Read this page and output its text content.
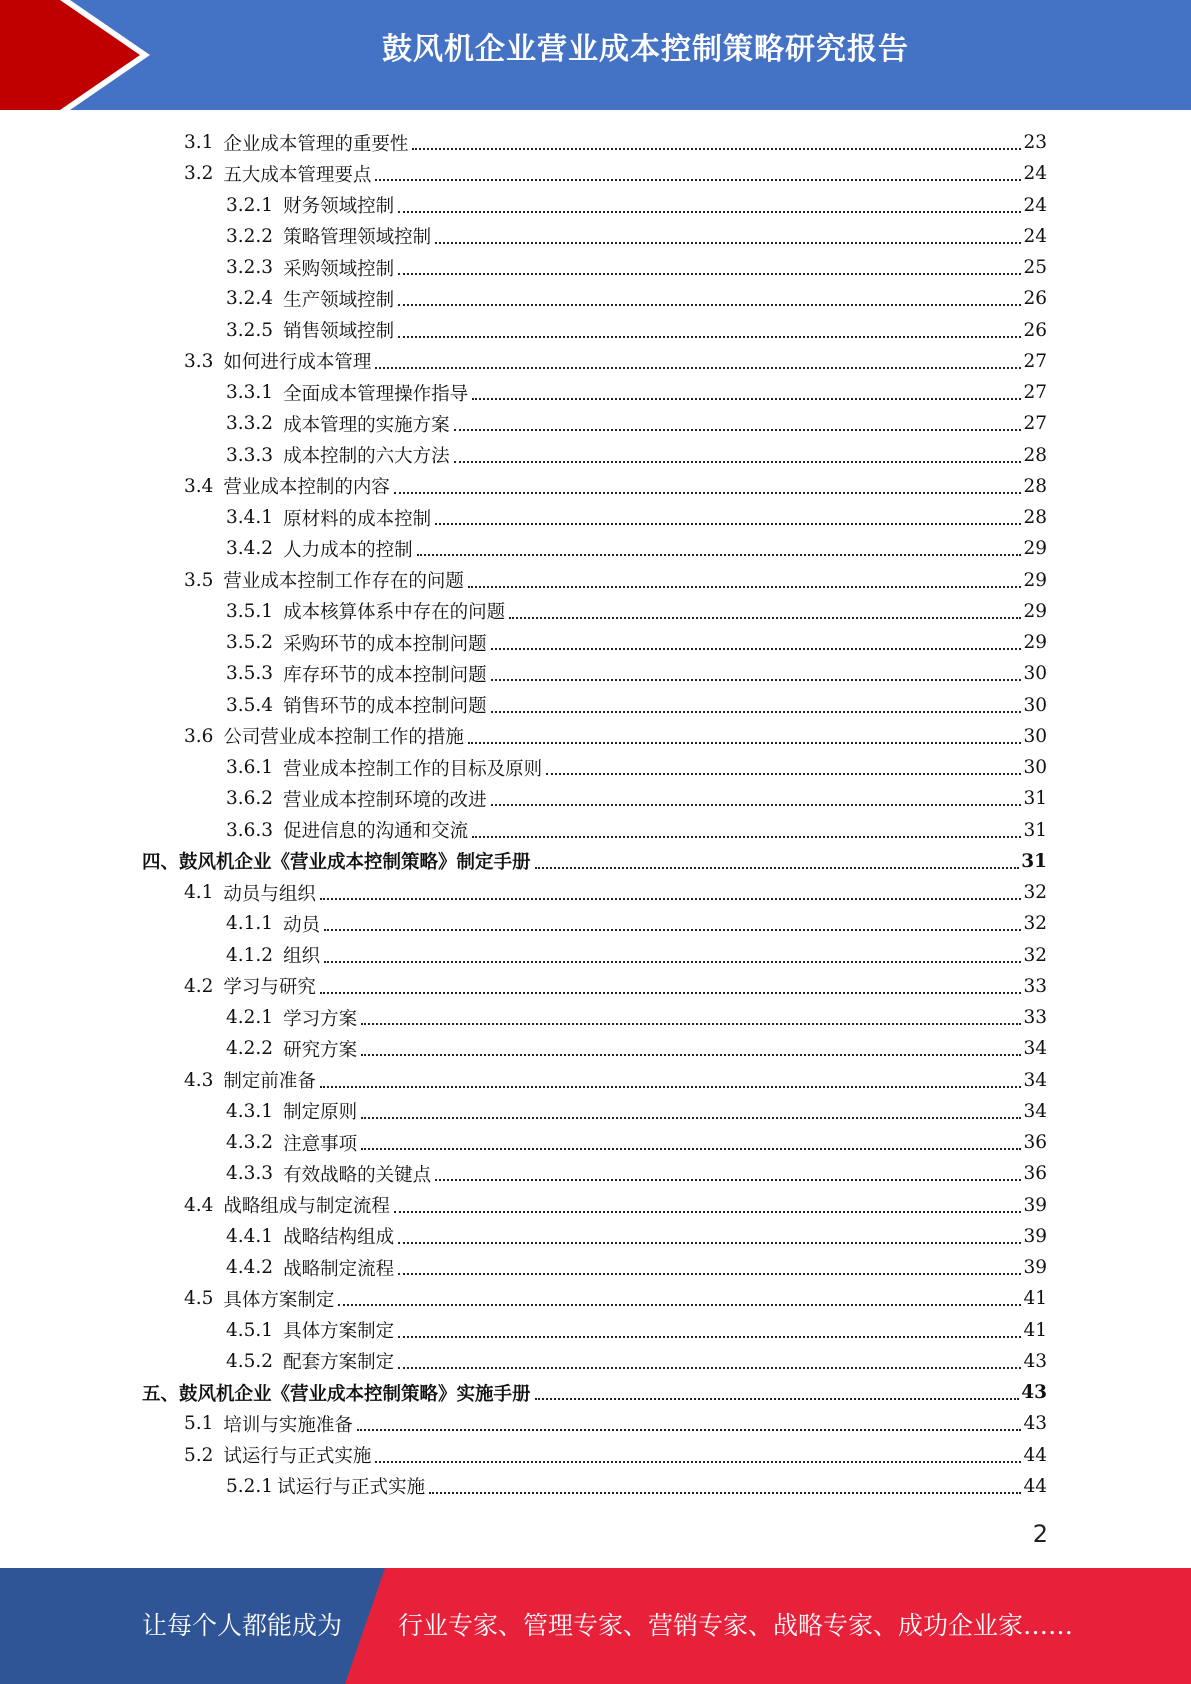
鼓风机企业营业成本控制策略研究报告
3.1 企业成本管理的重要性	23
3.2 五大成本管理要点	24
3.2.1 财务领域控制	24
3.2.2 策略管理领域控制	24
3.2.3 采购领域控制	25
3.2.4 生产领域控制	26
3.2.5 销售领域控制	26
3.3 如何进行成本管理	27
3.3.1 全面成本管理操作指导	27
3.3.2 成本管理的实施方案	27
3.3.3 成本控制的六大方法	28
3.4 营业成本控制的内容	28
3.4.1 原材料的成本控制	28
3.4.2 人力成本的控制	29
3.5 营业成本控制工作存在的问题	29
3.5.1 成本核算体系中存在的问题	29
3.5.2 采购环节的成本控制问题	29
3.5.3 库存环节的成本控制问题	30
3.5.4 销售环节的成本控制问题	30
3.6 公司营业成本控制工作的措施	30
3.6.1 营业成本控制工作的目标及原则	30
3.6.2 营业成本控制环境的改进	31
3.6.3 促进信息的沟通和交流	31
四、鼓风机企业《营业成本控制策略》制定手册	31
4.1 动员与组织	32
4.1.1 动员	32
4.1.2 组织	32
4.2 学习与研究	33
4.2.1 学习方案	33
4.2.2 研究方案	34
4.3 制定前准备	34
4.3.1 制定原则	34
4.3.2 注意事项	36
4.3.3 有效战略的关键点	36
4.4 战略组成与制定流程	39
4.4.1 战略结构组成	39
4.4.2 战略制定流程	39
4.5 具体方案制定	41
4.5.1 具体方案制定	41
4.5.2 配套方案制定	43
五、鼓风机企业《营业成本控制策略》实施手册	43
5.1 培训与实施准备	43
5.2 试运行与正式实施	44
5.2.1 试运行与正式实施	44
2
让每个人都能成为 行业专家、管理专家、营销专家、战略专家、成功企业家……
